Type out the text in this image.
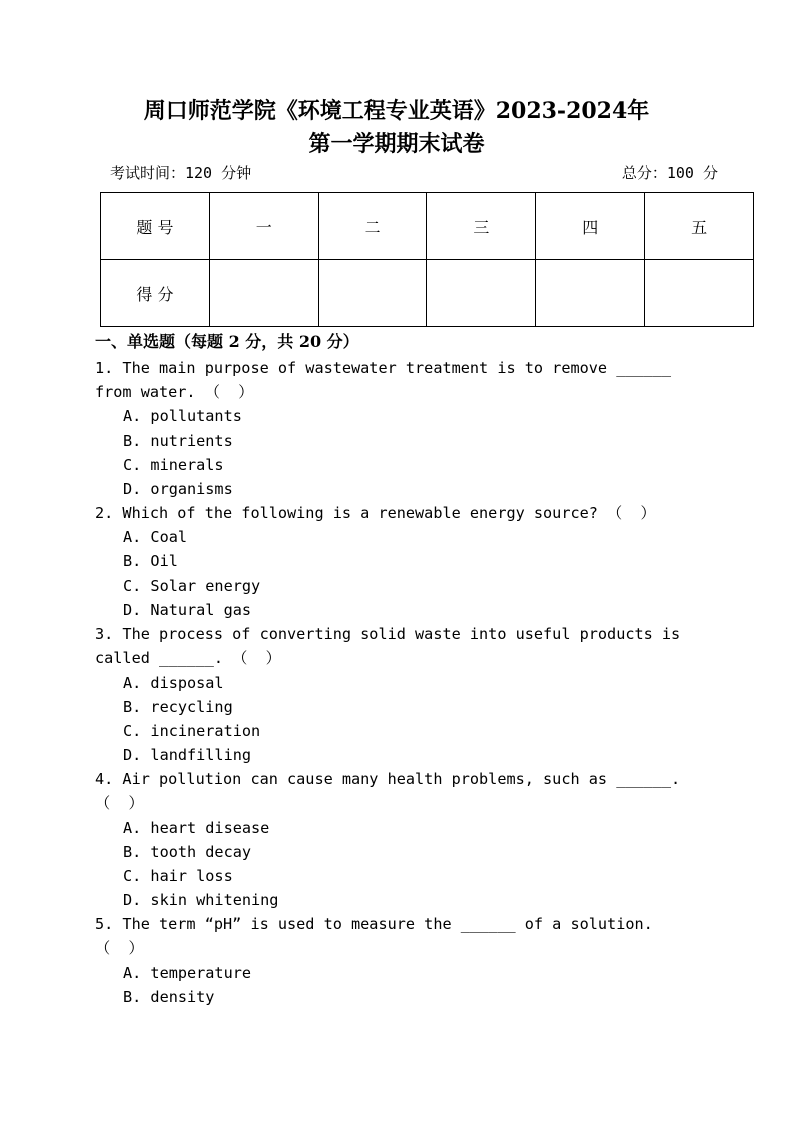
周口师范学院《环境工程专业英语》2023-2024年
第一学期期末试卷
考试时间：120 分钟	总分：100 分
题 号	一	二	三	四	五
得 分					
一、单选题（每题 2 分，共 20 分）
1. The main purpose of wastewater treatment is to remove ______
from water. （  ）
A. pollutants
B. nutrients
C. minerals
D. organisms
2. Which of the following is a renewable energy source? （  ）
A. Coal
B. Oil
C. Solar energy
D. Natural gas
3. The process of converting solid waste into useful products is
called ______. （  ）
A. disposal
B. recycling
C. incineration
D. landfilling
4. Air pollution can cause many health problems, such as ______.
（  ）
A. heart disease
B. tooth decay
C. hair loss
D. skin whitening
5. The term “pH” is used to measure the ______ of a solution.
（  ）
A. temperature
B. density
